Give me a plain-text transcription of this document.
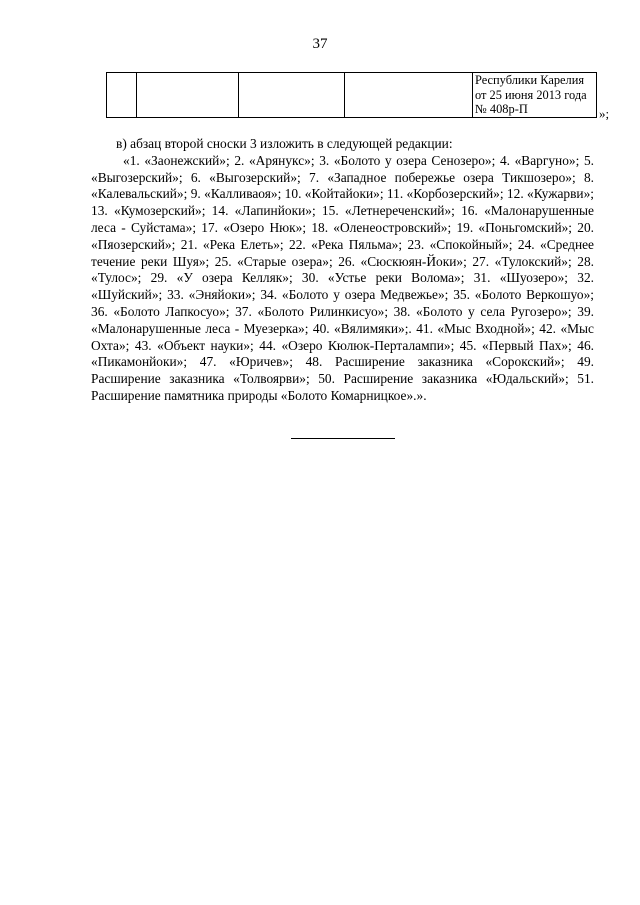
37

Республики Карелия
от 25 июня 2013 года
№ 408р-П	»;

в) абзац второй сноски 3 изложить в следующей редакции:

«1. «Заонежский»; 2. «Арянукс»; 3. «Болото у озера Сенозеро»; 4. «Варгуно»; 5. «Выгозерский»; 6. «Выгозерский»; 7. «Западное побережье озера Тикшозеро»; 8. «Калевальский»; 9. «Калливаоя»; 10. «Койтайоки»; 11. «Корбозерский»; 12. «Кужарви»; 13. «Кумозерский»; 14. «Лапинйоки»; 15. «Летнереченский»; 16. «Малонарушенные леса - Суйстама»; 17. «Озеро Нюк»; 18. «Оленеостровский»; 19. «Поньгомский»; 20. «Пяозерский»; 21. «Река Елеть»; 22. «Река Пяльма»; 23. «Спокойный»; 24. «Среднее течение реки Шуя»; 25. «Старые озера»; 26. «Сюскюян-Йоки»; 27. «Тулокский»; 28. «Тулос»; 29. «У озера Келляк»; 30. «Устье реки Волома»; 31. «Шуозеро»; 32. «Шуйский»; 33. «Эняйоки»; 34. «Болото у озера Медвежье»; 35. «Болото Веркошуо»; 36. «Болото Лапкосуо»; 37. «Болото Рилинкисуо»; 38. «Болото у села Ругозеро»; 39. «Малонарушенные леса - Муезерка»; 40. «Вялимяки»;. 41. «Мыс Входной»; 42. «Мыс Охта»; 43. «Объект науки»; 44. «Озеро Кюлюк-Перталампи»; 45. «Первый Пах»; 46. «Пикамонйоки»; 47. «Юричев»; 48. Расширение заказника «Сорокский»; 49. Расширение заказника «Толвоярви»; 50. Расширение заказника «Юдальский»; 51. Расширение памятника природы «Болото Комарницкое».».
